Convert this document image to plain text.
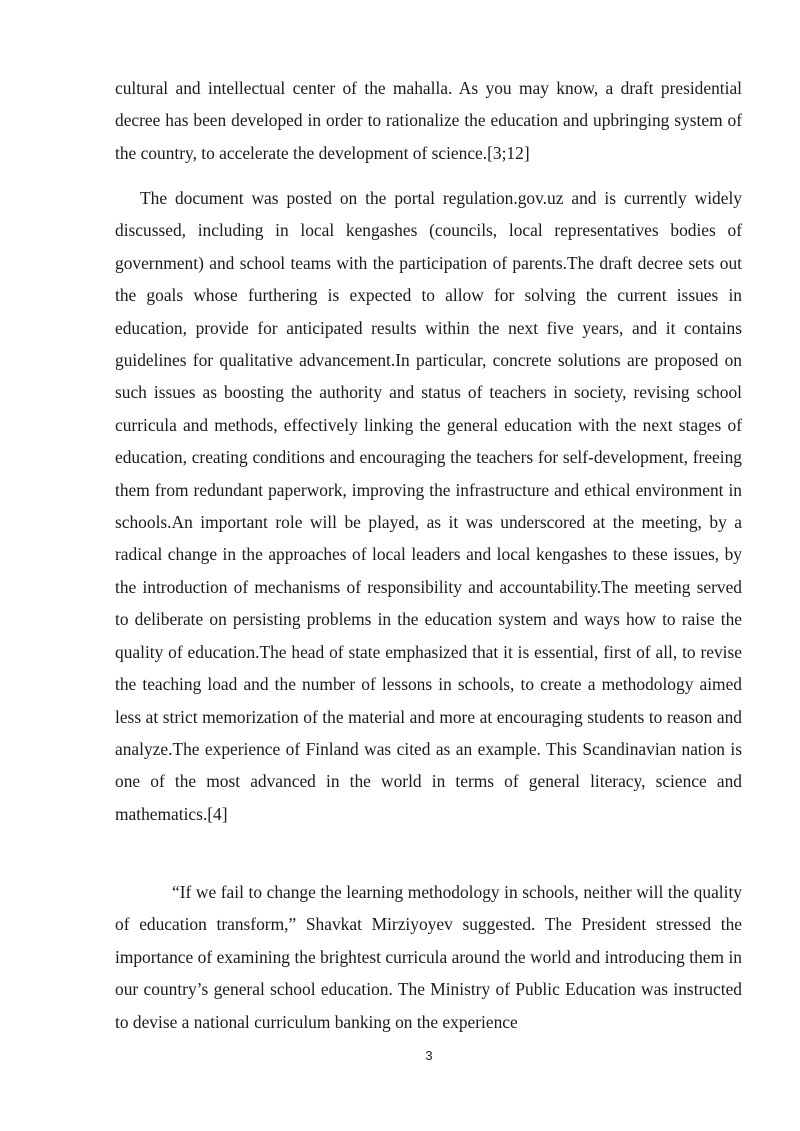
cultural and intellectual center of the mahalla. As you may know, a draft presidential decree has been developed in order to rationalize the education and upbringing system of the country, to accelerate the development of science.[3;12]

The document was posted on the portal regulation.gov.uz and is currently widely discussed, including in local kengashes (councils, local representatives bodies of government) and school teams with the participation of parents.The draft decree sets out the goals whose furthering is expected to allow for solving the current issues in education, provide for anticipated results within the next five years, and it contains guidelines for qualitative advancement.In particular, concrete solutions are proposed on such issues as boosting the authority and status of teachers in society, revising school curricula and methods, effectively linking the general education with the next stages of education, creating conditions and encouraging the teachers for self-development, freeing them from redundant paperwork, improving the infrastructure and ethical environment in schools.An important role will be played, as it was underscored at the meeting, by a radical change in the approaches of local leaders and local kengashes to these issues, by the introduction of mechanisms of responsibility and accountability.The meeting served to deliberate on persisting problems in the education system and ways how to raise the quality of education.The head of state emphasized that it is essential, first of all, to revise the teaching load and the number of lessons in schools, to create a methodology aimed less at strict memorization of the material and more at encouraging students to reason and analyze.The experience of Finland was cited as an example. This Scandinavian nation is one of the most advanced in the world in terms of general literacy, science and mathematics.[4]

“If we fail to change the learning methodology in schools, neither will the quality of education transform,” Shavkat Mirziyoyev suggested. The President stressed the importance of examining the brightest curricula around the world and introducing them in our country’s general school education. The Ministry of Public Education was instructed to devise a national curriculum banking on the experience

3
